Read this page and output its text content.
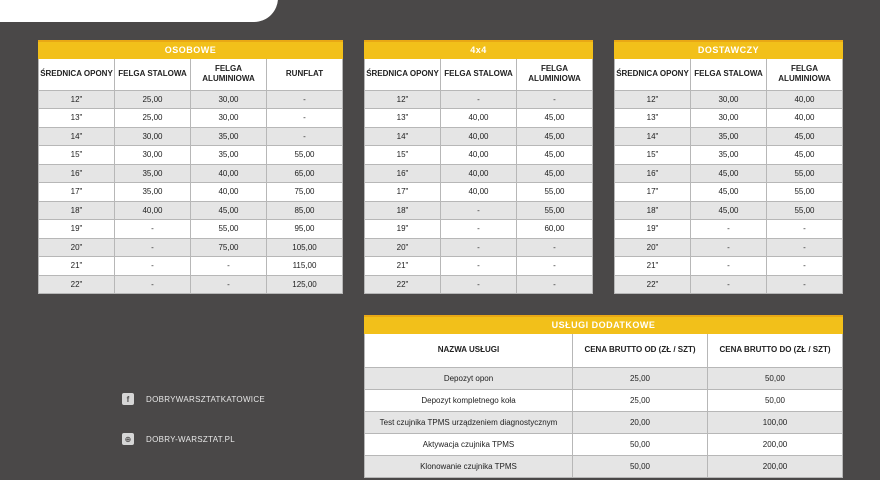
OSOBOWE			
ŚREDNICA OPONY	FELGA STALOWA	FELGA ALUMINIOWA	RUNFLAT
12"	25,00	30,00	-
13"	25,00	30,00	-
14"	30,00	35,00	-
15"	30,00	35,00	55,00
16"	35,00	40,00	65,00
17"	35,00	40,00	75,00
18"	40,00	45,00	85,00
19"	-	55,00	95,00
20"	-	75,00	105,00
21"	-	-	115,00
22"	-	-	125,00
4x4		
ŚREDNICA OPONY	FELGA STALOWA	FELGA ALUMINIOWA
12"	-	-
13"	40,00	45,00
14"	40,00	45,00
15"	40,00	45,00
16"	40,00	45,00
17"	40,00	55,00
18"	-	55,00
19"	-	60,00
20"	-	-
21"	-	-
22"	-	-
DOSTAWCZY		
ŚREDNICA OPONY	FELGA STALOWA	FELGA ALUMINIOWA
12"	30,00	40,00
13"	30,00	40,00
14"	35,00	45,00
15"	35,00	45,00
16"	45,00	55,00
17"	45,00	55,00
18"	45,00	55,00
19"	-	-
20"	-	-
21"	-	-
22"	-	-
USŁUGI DODATKOWE		
NAZWA USŁUGI	CENA BRUTTO OD (ZŁ / SZT)	CENA BRUTTO DO (ZŁ / SZT)
Depozyt opon	25,00	50,00
Depozyt kompletnego koła	25,00	50,00
Test czujnika TPMS urządzeniem diagnostycznym	20,00	100,00
Aktywacja czujnika TPMS	50,00	200,00
Klonowanie czujnika TPMS	50,00	200,00
f	DOBRYWARSZTATKATOWICE
⊕	DOBRY-WARSZTAT.PL
